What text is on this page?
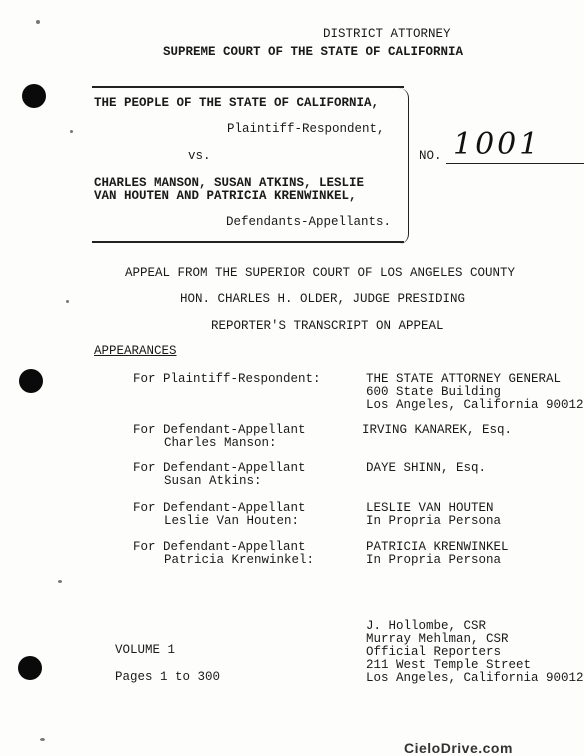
DISTRICT ATTORNEY
SUPREME COURT OF THE STATE OF CALIFORNIA
THE PEOPLE OF THE STATE OF CALIFORNIA,
Plaintiff-Respondent,
vs.
CHARLES MANSON, SUSAN ATKINS, LESLIE
VAN HOUTEN AND PATRICIA KRENWINKEL,
Defendants-Appellants.
NO. 1001
APPEAL FROM THE SUPERIOR COURT OF LOS ANGELES COUNTY
HON. CHARLES H. OLDER, JUDGE PRESIDING
REPORTER'S TRANSCRIPT ON APPEAL
APPEARANCES
For Plaintiff-Respondent:	THE STATE ATTORNEY GENERAL
600 State Building
Los Angeles, California 90012
For Defendant-Appellant
Charles Manson:
IRVING KANAREK, Esq.
For Defendant-Appellant
Susan Atkins:
DAYE SHINN, Esq.
For Defendant-Appellant
Leslie Van Houten:
LESLIE VAN HOUTEN
In Propria Persona
For Defendant-Appellant
Patricia Krenwinkel:
PATRICIA KRENWINKEL
In Propria Persona
VOLUME 1
Pages 1 to 300
J. Hollombe, CSR
Murray Mehlman, CSR
Official Reporters
211 West Temple Street
Los Angeles, California 90012
CieloDrive.com
